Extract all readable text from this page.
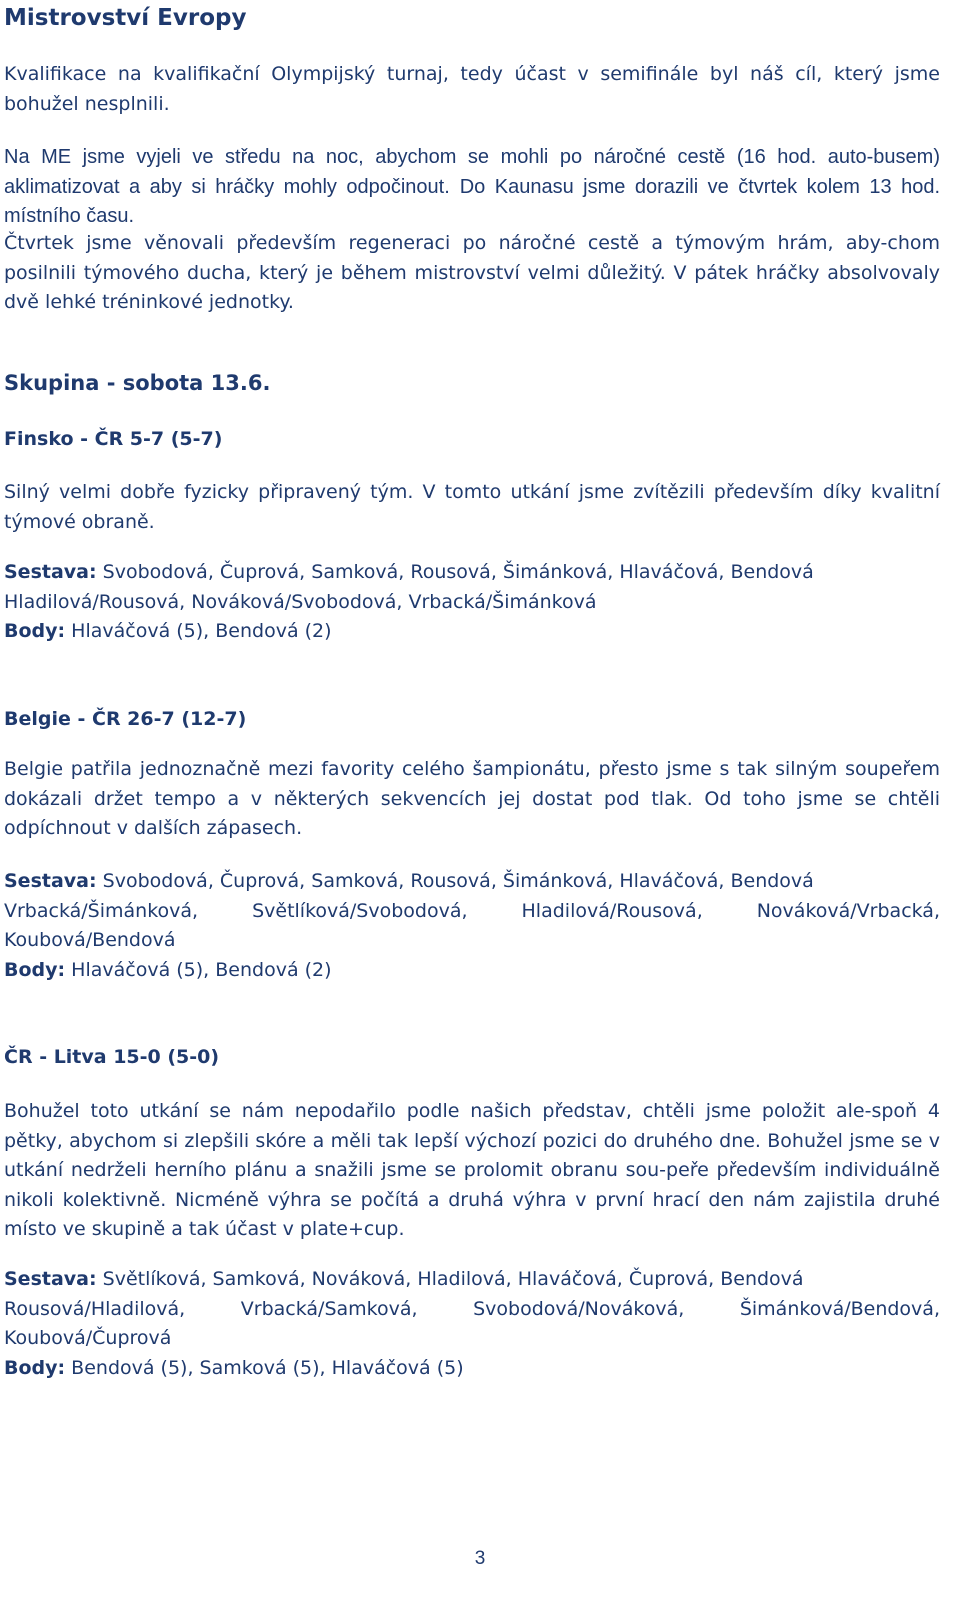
Mistrovství Evropy

Kvalifikace na kvalifikační Olympijský turnaj, tedy účast v semifinále byl náš cíl, který jsme bohužel nesplnili.

Na ME jsme vyjeli ve středu na noc, abychom se mohli po náročné cestě (16 hod. auto-busem) aklimatizovat a aby si hráčky mohly odpočinout. Do Kaunasu jsme dorazili ve čtvrtek kolem 13 hod. místního času.

Čtvrtek jsme věnovali především regeneraci po náročné cestě a týmovým hrám, aby-chom posilnili týmového ducha, který je během mistrovství velmi důležitý. V pátek hráčky absolvovaly dvě lehké tréninkové jednotky.

Skupina - sobota 13.6.
Finsko - ČR 5-7 (5-7)

Silný velmi dobře fyzicky připravený tým. V tomto utkání jsme zvítězili především díky kvalitní týmové obraně.

Sestava: Svobodová, Čuprová, Samková, Rousová, Šimánková, Hlaváčová, Bendová
Hladilová/Rousová, Nováková/Svobodová, Vrbacká/Šimánková
Body: Hlaváčová (5), Bendová (2)
Belgie - ČR 26-7 (12-7)

Belgie patřila jednoznačně mezi favority celého šampionátu, přesto jsme s tak silným soupeřem dokázali držet tempo a v některých sekvencích jej dostat pod tlak. Od toho jsme se chtěli odpíchnout v dalších zápasech.

Sestava: Svobodová, Čuprová, Samková, Rousová, Šimánková, Hlaváčová, Bendová
Vrbacká/Šimánková, Světlíková/Svobodová, Hladilová/Rousová, Nováková/Vrbacká,
Koubová/Bendová
Body: Hlaváčová (5), Bendová (2)
ČR - Litva 15-0 (5-0)

Bohužel toto utkání se nám nepodařilo podle našich představ, chtěli jsme položit ale-spoň 4 pětky, abychom si zlepšili skóre a měli tak lepší výchozí pozici do druhého dne. Bohužel jsme se v utkání nedrželi herního plánu a snažili jsme se prolomit obranu sou-peře především individuálně nikoli kolektivně. Nicméně výhra se počítá a druhá výhra v první hrací den nám zajistila druhé místo ve skupině a tak účast v plate+cup.

Sestava: Světlíková, Samková, Nováková, Hladilová, Hlaváčová, Čuprová, Bendová
Rousová/Hladilová, Vrbacká/Samková, Svobodová/Nováková, Šimánková/Bendová,
Koubová/Čuprová
Body: Bendová (5), Samková (5), Hlaváčová (5)
3
